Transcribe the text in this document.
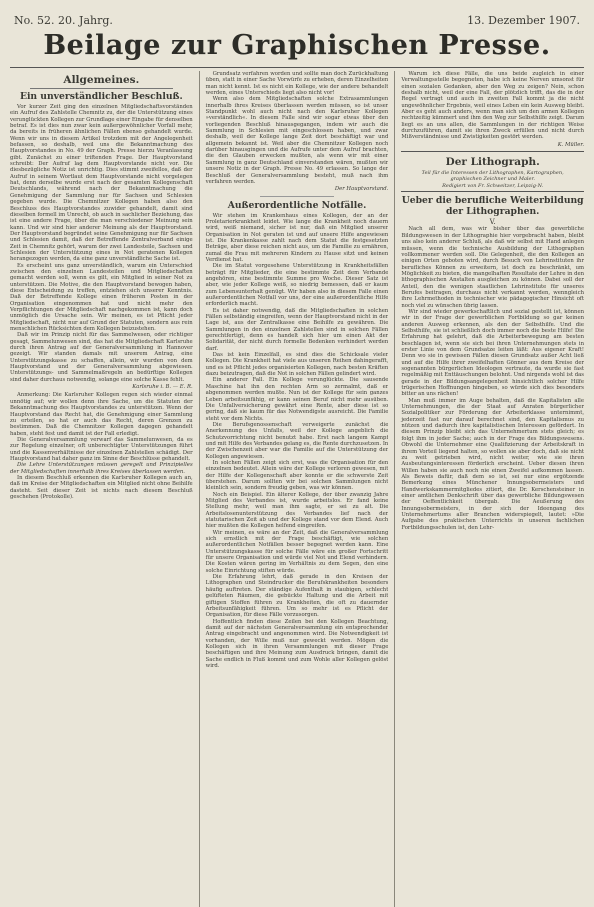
No. 52. 20. Jahrg.	13. Dezember 1907.
Beilage zur Graphischen Presse.
Allgemeines.
Ein unverständlicher Beschluß.

Vor kurzer Zeit ging den einzelnen Mitgliedschaftsvorständen ein Aufruf des Zahlstelle Chemnitz zu, der die Unterstützung eines verunglückten Kollegen zur Grundlage einer Eingabe für denselben betraf. Es ist dies nun zwar kein außergewöhnlicher Vorfall mehr, da bereits in früheren ähnlichen Fällen ebenso gehandelt wurde. Wenn wir uns in diesem Artikel trotzdem mit der Angelegenheit befassen, so deshalb, weil uns die Bekanntmachung des Hauptvorstandes in No. 49 der Graph. Presse hierzu Veranlassung gibt. Zunächst zu einer triftenden Frage. Der Hauptvorstand schreibt: Der Aufruf lag dem Hauptvorstande nicht vor. Die diesbezügliche Notiz ist unrichtig. Dies stimmt zweifellos, daß der Aufruf in seinem Wortlaut dem Hauptvorstande nicht vorgelegen hat, denn derselbe wurde erst nach der gesamten Kollegenschaft Deutschlands, während nach der Bekanntmachung die Genehmigung der Sammlung nur für Sachsen und Schlesien gegeben wurde. Die Chemnitzer Kollegen haben also den Beschluss des Hauptvorstandes zuwider gehandelt, damit sind dieselben formell im Unrecht, ob auch in sachlicher Beziehung, das ist eine andere Frage, über die man verschiedener Meinung sein kann. Und wir sind hier anderer Meinung als der Hauptvorstand. Der Hauptvorstand begründet seine Genehmigung nur für Sachsen und Schlesien damit, daß der Betreffende Zentralverband einige Zeit in Chemnitz gehört, warum der zwei Landesteile, Sachsen und Schlesien der Unterstützung eines in Not geratenen Kollegen herangezogen werden, da eine ganz unverständliche Sache ist.

Es erscheint uns ganz unverständlich, warum ein Unterschied zwischen den einzelnen Landesteilen und Mitgliedschaften gemacht werden soll, wenn es gilt, ein Mitglied in seiner Not zu unterstützen. Die Motive, die den Hauptvorstand bewogen haben, diese Entscheidung zu treffen, entziehen sich unserer Kenntnis. Daß der Betreffende Kollege einen früheren Posten in der Organisation eingenommen hat und nicht mehr den Verpflichtungen der Mitgliedschaft nachgekommen ist, kann doch unmöglich die Ursache sein. Wir meinen, es ist Pflicht jeder Mitgliedschaft, nicht nur auf Grund der Statuten, sondern aus rein menschlichen Rücksichten dem Kollegen beizustehen.

Daß wir im Prinzip nicht für das Sammelwesen, oder richtiger gesagt, Sammelunwesen sind, das hat die Mitgliedschaft Karlsruhe durch ihren Antrag auf der Generalversammlung in Hannover gezeigt. Wir standen damals mit unserem Antrag, eine Unterstützungskasse zu schaffen, allein, wir wurden von dem Hauptvorstand und der Generalversammlung abgewiesen. Unterstützungs- und Sammelmaßregeln an bedürftige Kollegen sind daher durchaus notwendig, solange eine solche Kasse fehlt.

Karlsruhe i. B. — E. R.

Anmerkung: Die Karlsruher Kollegen regen sich wieder einmal unnötig auf; wir wollen denn ihre Sache, um die Statuten der Bekanntmachung des Hauptvorstandes zu unterstützen. Wenn der Hauptvorstand das Recht hat, die Genehmigung einer Sammlung zu erteilen, so hat er auch das Recht, deren Grenzen zu bestimmen. Daß die Chemnitzer Kollegen dagegen gehandelt haben, steht fest und damit ist der Fall erledigt.

Die Generalversammlung verwarf das Sammelunwesen, da es zur Regelung einzelner, oft unberechtigter Unterstützungen führt und die Kassenverhältnisse der einzelnen Zahlstellen schädigt. Der Hauptvorstand hat daher ganz im Sinne der Beschlüsse gehandelt.

Die Lehre Unterstützungen müssen geregelt und Prinzipielles der Mitgliedschaften innerhalb ihres Kreises überlassen werden.

In diesem Beschluß erkennen die Karlsruher Kollegen auch an, daß im Kreise der Mitgliedschaften ein Mitglied nicht ohne Beihilfe dasteht. Seit dieser Zeit ist nichts nach diesem Beschluß geschehen (Protokolle).

Grundsatz verfahren worden und sollte man doch Zurückhaltung üben, statt in einer Sache Vorwürfe zu erheben, deren Einzelheiten man nicht kennt. Ist es nicht ein Kollege, wie der andere behandelt werden, eines Unterschieds liegt also nicht vor!

Wenn also dem Mitgliedschaften solche Extrasammlungen innerhalb ihres Kreises überlassen werden müssen, so ist unser Standpunkt wohl auch nicht nach den Karlsruher Kollegen »verständlich«. In diesem Falle sind wir sogar etwas über den vorliegenden Beschluß hinausgegangen, indem wir auch die Sammlung in Schlesien mit eingeschlossen haben, und zwar deshalb, weil der Kollege lange Zeit dort beschäftigt war und allgemein bekannt ist. Weil aber die Chemnitzer Kollegen noch darüber hinausgingen und die Aufrufe unter dem Aufruf brachten, die den Glauben erwecken mußten, als wenn wir mit einer Sammlung in ganz Deutschland einverstanden wären, mußten wir unsere Notiz in der Graph. Presse No. 49 erlassen. So lange der Beschluß der Generalversammlung besteht, muß nach ihm verfahren werden.

Der Hauptvorstand.
Außerordentliche Notfälle.

Wir stehen im Krankenhaus eines Kollegen, der an der Proletarierkrankheit leidet. Wie lange die Krankheit noch dauern wird, weiß niemand, sicher ist nur, daß ein Mitglied unserer Organisation in Not geraten ist und auf unsere Hilfe angewiesen ist. Die Krankenkasse zahlt nach dem Statut die festgesetzten Beträge, aber diese reichen nicht aus, um die Familie zu ernähren, zumal die Frau mit mehreren Kindern zu Hause sitzt und keinen Verdienst hat.

Die im Statut vorgesehene Unterstützung in Krankheitsfällen beträgt für Mitglieder, die eine bestimmte Zeit dem Verbande angehören, eine bestimmte Summe pro Woche. Dieser Satz ist aber, wie jeder Kollege weiß, so niedrig bemessen, daß er kaum zum Lebensunterhalt genügt. Wir haben also in diesem Falle einen außerordentlichen Notfall vor uns, der eine außerordentliche Hilfe erforderlich macht.

Es ist daher notwendig, daß die Mitgliedschaften in solchen Fällen selbständig eingreifen, wenn der Hauptvorstand nicht in der Lage ist, aus der Zentralkasse eine Beihilfe zu gewähren. Die Sammlungen in den einzelnen Zahlstellen sind in solchen Fällen gerechtfertigt, denn es handelt sich hier um einen Akt der Solidarität, der nicht durch formelle Bedenken verhindert werden darf.

Das ist kein Einzelfall, es sind dies die Schicksale vieler Kollegen. Die Krankheit hat viele aus unseren Reihen dahingerafft, und es ist Pflicht jedes organisierten Kollegen, nach besten Kräften dazu beizutragen, daß die Not in solchen Fällen gelindert wird.

Ein anderer Fall. Ein Kollege verunglückte. Die sausende Maschine hat ihn den rechten Arm so zermalmt, daß er abgenommen werden mußte. Nun ist der Kollege für sein ganzes Leben arbeitsunfähig, er kann seinen Beruf nicht mehr ausüben. Die Unfallversicherung gewährt eine Rente, aber diese ist so gering, daß sie kaum für das Notwendigste ausreicht. Die Familie steht vor dem Nichts.

Die Berufsgenossenschaft verweigerte zunächst die Anerkennung des Unfalls, weil der Kollege angeblich die Schutzvorrichtung nicht benutzt habe. Erst nach langem Kampf und mit Hilfe des Verbandes gelang es, die Rente durchzusetzen. In der Zwischenzeit aber war die Familie auf die Unterstützung der Kollegen angewiesen.

In solchen Fällen zeigt sich erst, was die Organisation für den einzelnen bedeutet. Allein wäre der Kollege verloren gewesen, mit der Hilfe der Kollegenschaft aber konnte er die schwerste Zeit überstehen. Darum sollten wir bei solchen Sammlungen nicht kleinlich sein, sondern freudig geben, was wir können.

Noch ein Beispiel. Ein älterer Kollege, der über zwanzig Jahre Mitglied des Verbandes ist, wurde arbeitslos. Er fand keine Stellung mehr, weil man ihm sagte, er sei zu alt. Die Arbeitslosenunterstützung des Verbandes lief nach der statutarischen Zeit ab und der Kollege stand vor dem Elend. Auch hier mußten die Kollegen helfend eingreifen.

Wir meinen, es wäre an der Zeit, daß die Generalversammlung sich ernstlich mit der Frage beschäftigt, wie solchen außerordentlichen Notfällen besser begegnet werden kann. Eine Unterstützungskasse für solche Fälle wäre ein großer Fortschritt für unsere Organisation und würde viel Not und Elend verhindern. Die Kosten wären gering im Verhältnis zu dem Segen, den eine solche Einrichtung stiften würde.

Die Erfahrung lehrt, daß gerade in den Kreisen der Lithographen und Steindrucker die Berufskrankheiten besonders häufig auftreten. Der ständige Aufenthalt in staubigen, schlecht gelüfteten Räumen, die gebückte Haltung und die Arbeit mit giftigen Stoffen führen zu Krankheiten, die oft zu dauernder Arbeitsunfähigkeit führen. Um so mehr ist es Pflicht der Organisation, für diese Fälle vorzusorgen.

Hoffentlich finden diese Zeilen bei den Kollegen Beachtung, damit auf der nächsten Generalversammlung ein entsprechender Antrag eingebracht und angenommen wird. Die Notwendigkeit ist vorhanden, der Wille muß nur geweckt werden. Mögen die Kollegen sich in ihren Versammlungen mit dieser Frage beschäftigen und ihre Meinung zum Ausdruck bringen, damit die Sache endlich in Fluß kommt und zum Wohle aller Kollegen gelöst wird.

Warum ich diese Fälle, die uns beide zugleich in einer Verwaltungsstelle begegneten, habe ich keine Nerven umsonst für einen sozialen Gedanken, aber den Weg zu zeigen? Nein, schon deshalb nicht, weil der eine Fall, der plötzlich trifft, das die in der Regel vertragt und auch in zweiten Fall kommt ja die nicht ungewöhnlicher Ergebnis, weil eines Leben ein kein Ausweg bleibt. Aber es geht auch anders, wenn man sich um den armen Kollegen rechtzeitig kümmert und ihm den Weg zur Selbsthilfe zeigt. Darum liegt es an uns allen, die Sammlungen in der richtigen Weise durchzuführen, damit sie ihren Zweck erfüllen und nicht durch Mißverständnisse und Zwistigkeiten gestört werden.

K. Müller.
Der Lithograph.
Teil für die Interessen der Lithographen, Kartographen, graphischen Zeichner und Maler.
Redigiert von Fr. Schweitzer, Leipzig-N.
Ueber die berufliche Weiterbildung der Lithographen.
V.

Nach all dem, was wir bisher über das gewerbliche Bildungswesen in der Lithographie hier vorgebracht haben, bleibt uns also kein anderer Schluß, als daß wir selbst mit Hand anlegen müssen, wenn die technische Ausbildung der Lithographen vollkommener werden soll. Die Gelegenheit, die den Kollegen an einigen Orten geboten wird, durch Besuch von Lehrinstituten ihr berufliches Können zu erweitern, ist doch zu beschränkt, um Möglichkeit zu bieten, die mangelhaften Resultate der Lehre in den lithographischen Anstalten ausgleichen zu können. Dabei soll der Anteil, den die wenigen staatlichen Lehrinstitute für unseres Berufes beitragen, durchaus nicht verkannt werden, wenngleich ihre Lehrmethoden in technischer wie pädagogischer Hinsicht oft noch viel zu wünschen übrig lassen.

Wir sind wieder gewerkschaftlich und sozial gestellt ist, können wir in der Frage der gewerblichen Fortbildung so gar keinen anderen Ausweg erkennen, als den der Selbsthilfe. Und die Selbsthilfe, sie ist schließlich doch immer noch die beste Hilfe! Die Erfahrung hat gelehrt, daß die Arbeiterbewegung am besten beschlagen ist, wenn sie sich bei ihren Unternehmungen stets in erster Linie von dem Grundsatze leiten läßt: Aus eigener Kraft! Denn wo sie in gewissen Fällen diesen Grundsatz außer Acht ließ und auf die Hilfe ihrer zweifelhaften Gönner aus dem Kreise der sogenannten bürgerlichen Ideologen vertraute, da wurde sie fast regelmäßig mit Enttäuschungen belohnt. Und nirgends wohl ist das gerade in der Bildungsangelegenheit hinsichtlich solcher Hilfe trügerischen Hoffnungen hingeben, so würde sich dies besonders bitter an uns rächen!

Man muß immer im Auge behalten, daß die Kapitalisten alle Unternehmungen, die der Staat auf Anraten bürgerlicher Sozialpolitiker zur Förderung der Arbeiterklasse unternimmt, jederzeit fast nur darauf berechnet sind, den Kapitalismus zu nützen und dadurch ihre kapitalistischen Interessen gefördert. In diesem Prinzip bleibt sich das Unternehmertum stets gleich; es folgt ihm in jeder Sache; auch in der Frage des Bildungswesens. Obwohl die Unternehmer eine Qualifizierung der Arbeitskraft in ihrem Vorteil liegend halten, so wollen sie aber doch, daß sie nicht zu weit getrieben wird, nicht weiter, wie sie ihren Ausbeutungsinteressen förderlich erscheint. Ueber diesen ihren Willen haben sie auch noch nie einen Zweifel aufkommen lassen. Als Beweis dafür, daß dem so ist, sei nur eine ergötzende Bemerkung eines Münchener Innungsobermeisters und Handwerkskammermitgliedes zitiert, die Dr. Kerschensteiner in einer amtlichen Denkschrift über das gewerbliche Bildungswesen der Oeffentlichkeit übergab. Die Aeußerung des Innungsobermeisters, in der sich der Ideengang des Unternehmertums aller Branchen widerspiegelt, lautet: »Die Aufgabe des praktischen Unterrichts in unseren fachlichen Fortbildungsschulen ist, den Lehr-
